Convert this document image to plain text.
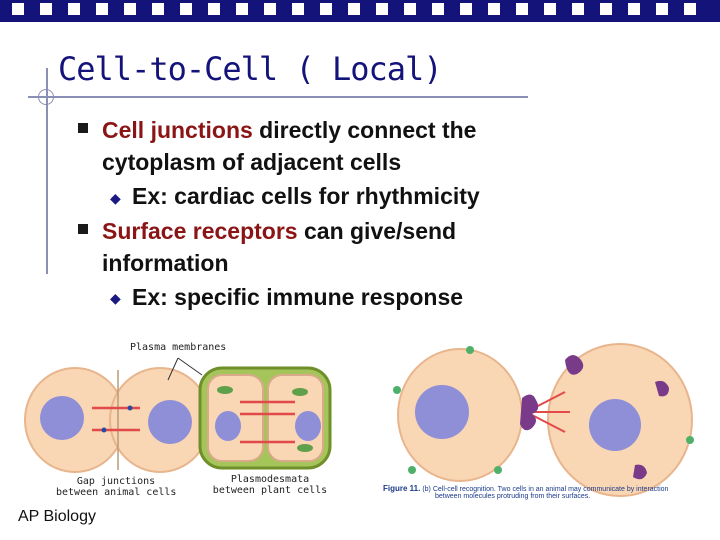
Cell-to-Cell ( Local)
Cell junctions directly connect the
cytoplasm of adjacent cells
◆ Ex: cardiac cells for rhythmicity
Surface receptors can give/send
information
◆ Ex: specific immune response
Plasma membranes
Gap junctions
between animal cells
Plasmodesmata
between plant cells	Figure 11. (b) Cell-cell recognition. Two cells in an animal may communicate by interaction
between molecules protruding from their surfaces.
AP Biology
